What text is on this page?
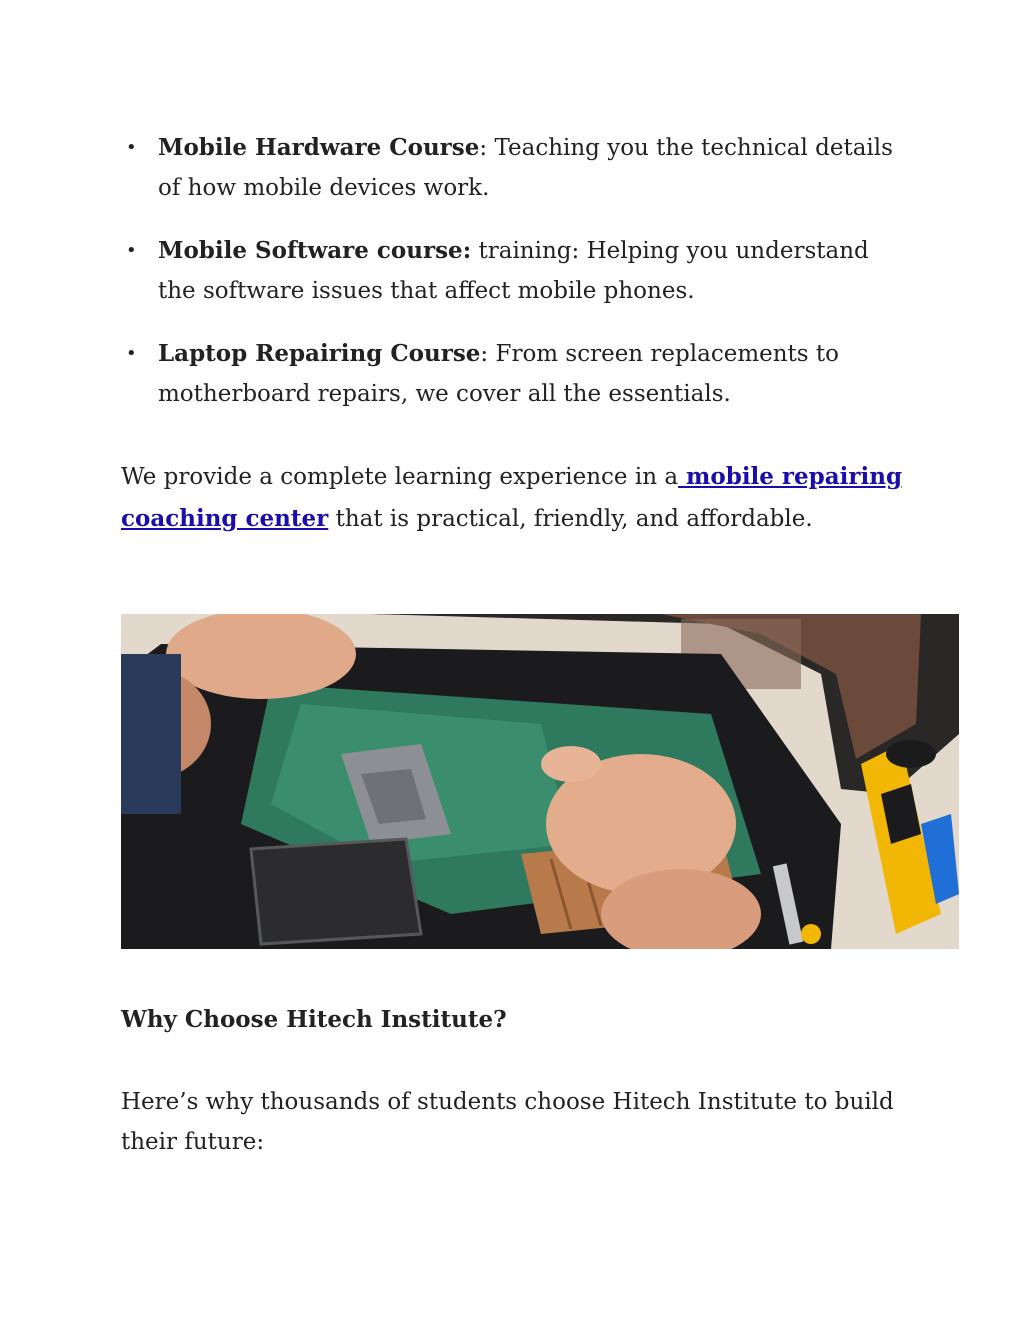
• Mobile Hardware Course: Teaching you the technical details of how mobile devices work.
• Mobile Software course: training: Helping you understand the software issues that affect mobile phones.
• Laptop Repairing Course: From screen replacements to motherboard repairs, we cover all the essentials.

We provide a complete learning experience in a mobile repairing coaching center that is practical, friendly, and affordable.

Why Choose Hitech Institute?

Here’s why thousands of students choose Hitech Institute to build their future:
